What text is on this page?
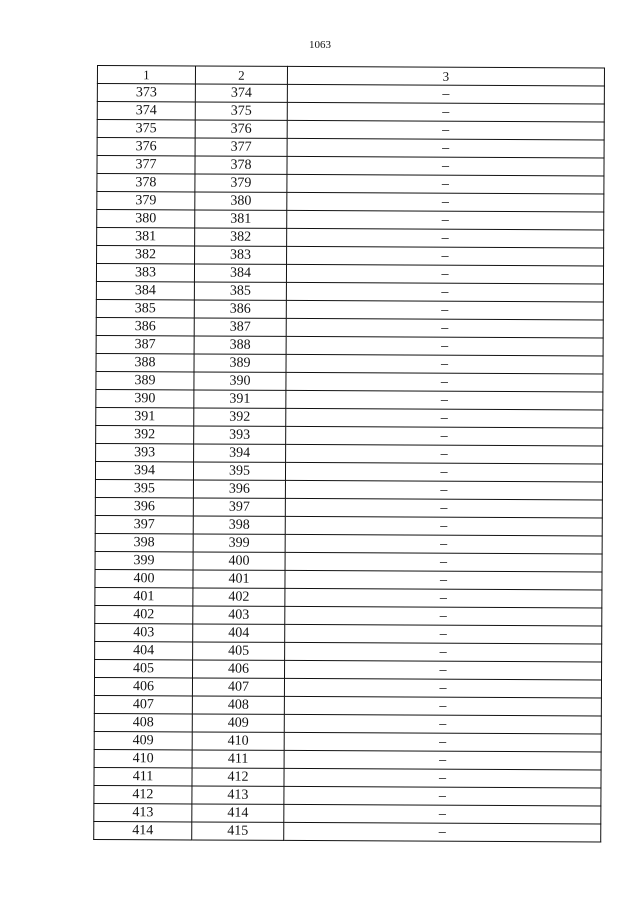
1063
1	2	3
373	374	–
374	375	–
375	376	–
376	377	–
377	378	–
378	379	–
379	380	–
380	381	–
381	382	–
382	383	–
383	384	–
384	385	–
385	386	–
386	387	–
387	388	–
388	389	–
389	390	–
390	391	–
391	392	–
392	393	–
393	394	–
394	395	–
395	396	–
396	397	–
397	398	–
398	399	–
399	400	–
400	401	–
401	402	–
402	403	–
403	404	–
404	405	–
405	406	–
406	407	–
407	408	–
408	409	–
409	410	–
410	411	–
411	412	–
412	413	–
413	414	–
414	415	–
